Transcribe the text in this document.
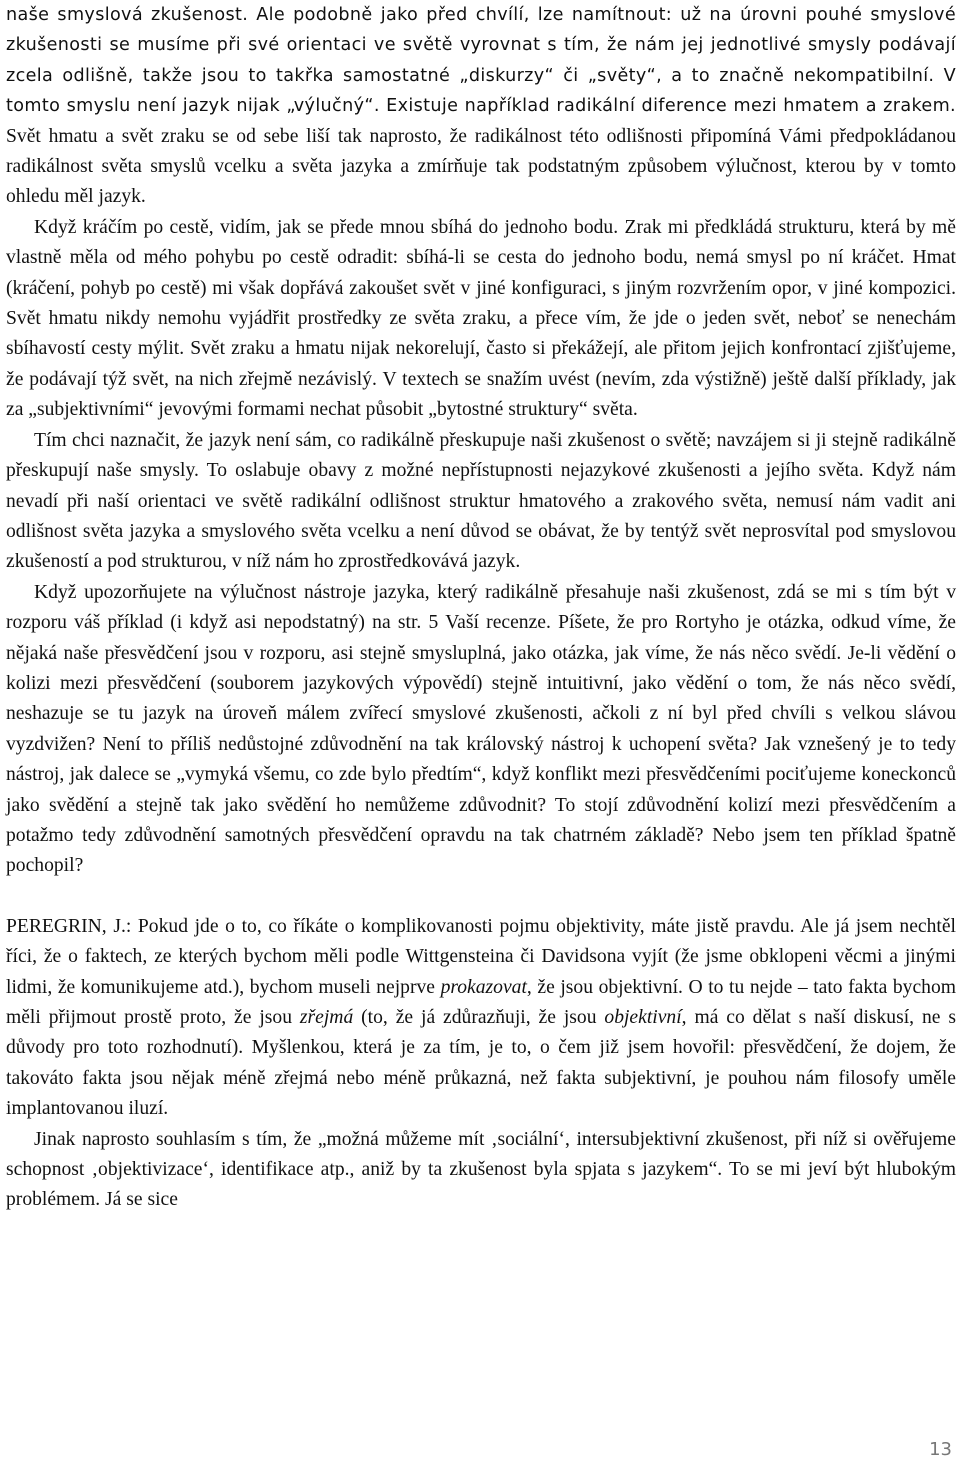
naše smyslová zkušenost. Ale podobně jako před chvílí, lze namítnout: už na úrovni pouhé smyslové zkušenosti se musíme při své orientaci ve světě vyrovnat s tím, že nám jej jednotlivé smysly podávají zcela odlišně, takže jsou to takřka samostatné „diskurzy“ či „světy“, a to značně nekompatibilní. V tomto smyslu není jazyk nijak „výlučný“. Existuje například radikální diference mezi hmatem a zrakem. Svět hmatu a svět zraku se od sebe liší tak naprosto, že radikálnost této odlišnosti připomíná Vámi předpokládanou radikálnost světa smyslů vcelku a světa jazyka a zmírňuje tak podstatným způsobem výlučnost, kterou by v tomto ohledu měl jazyk.

Když kráčím po cestě, vidím, jak se přede mnou sbíhá do jednoho bodu. Zrak mi předkládá strukturu, která by mě vlastně měla od mého pohybu po cestě odradit: sbíhá-li se cesta do jednoho bodu, nemá smysl po ní kráčet. Hmat (kráčení, pohyb po cestě) mi však dopřává zakoušet svět v jiné konfiguraci, s jiným rozvržením opor, v jiné kompozici. Svět hmatu nikdy nemohu vyjádřit prostředky ze světa zraku, a přece vím, že jde o jeden svět, neboť se nenechám sbíhavostí cesty mýlit. Svět zraku a hmatu nijak nekorelují, často si překážejí, ale přitom jejich konfrontací zjišťujeme, že podávají týž svět, na nich zřejmě nezávislý. V textech se snažím uvést (nevím, zda výstižně) ještě další příklady, jak za „subjektivními“ jevovými formami nechat působit „bytostné struktury“ světa.

Tím chci naznačit, že jazyk není sám, co radikálně přeskupuje naši zkušenost o světě; navzájem si ji stejně radikálně přeskupují naše smysly. To oslabuje obavy z možné nepřístupnosti nejazykové zkušenosti a jejího světa. Když nám nevadí při naší orientaci ve světě radikální odlišnost struktur hmatového a zrakového světa, nemusí nám vadit ani odlišnost světa jazyka a smyslového světa vcelku a není důvod se obávat, že by tentýž svět neprosvítal pod smyslovou zkušeností a pod strukturou, v níž nám ho zprostředkovává jazyk.

Když upozorňujete na výlučnost nástroje jazyka, který radikálně přesahuje naši zkušenost, zdá se mi s tím být v rozporu váš příklad (i když asi nepodstatný) na str. 5 Vaší recenze. Píšete, že pro Rortyho je otázka, odkud víme, že nějaká naše přesvědčení jsou v rozporu, asi stejně smysluplná, jako otázka, jak víme, že nás něco svědí. Je-li vědění o kolizi mezi přesvědčení (souborem jazykových výpovědí) stejně intuitivní, jako vědění o tom, že nás něco svědí, neshazuje se tu jazyk na úroveň málem zvířecí smyslové zkušenosti, ačkoli z ní byl před chvíli s velkou slávou vyzdvižen? Není to příliš nedůstojné zdůvodnění na tak královský nástroj k uchopení světa? Jak vznešený je to tedy nástroj, jak dalece se „vymyká všemu, co zde bylo předtím“, když konflikt mezi přesvědčeními pociťujeme koneckonců jako svědění a stejně tak jako svědění ho nemůžeme zdůvodnit? To stojí zdůvodnění kolizí mezi přesvědčením a potažmo tedy zdůvodnění samotných přesvědčení opravdu na tak chatrném základě? Nebo jsem ten příklad špatně pochopil?

PEREGRIN, J.: Pokud jde o to, co říkáte o komplikovanosti pojmu objektivity, máte jistě pravdu. Ale já jsem nechtěl říci, že o faktech, ze kterých bychom měli podle Wittgensteina či Davidsona vyjít (že jsme obklopeni věcmi a jinými lidmi, že komunikujeme atd.), bychom museli nejprve prokazovat, že jsou objektivní. O to tu nejde – tato fakta bychom měli přijmout prostě proto, že jsou zřejmá (to, že já zdůrazňuji, že jsou objektivní, má co dělat s naší diskusí, ne s důvody pro toto rozhodnutí). Myšlenkou, která je za tím, je to, o čem již jsem hovořil: přesvědčení, že dojem, že takováto fakta jsou nějak méně zřejmá nebo méně průkazná, než fakta subjektivní, je pouhou nám filosofy uměle implantovanou iluzí.

Jinak naprosto souhlasím s tím, že „možná můžeme mít ‚sociální‘, intersubjektivní zkušenost, při níž si ověřujeme schopnost ‚objektivizace‘, identifikace atp., aniž by ta zkušenost byla spjata s jazykem“. To se mi jeví být hlubokým problémem. Já se sice

13
